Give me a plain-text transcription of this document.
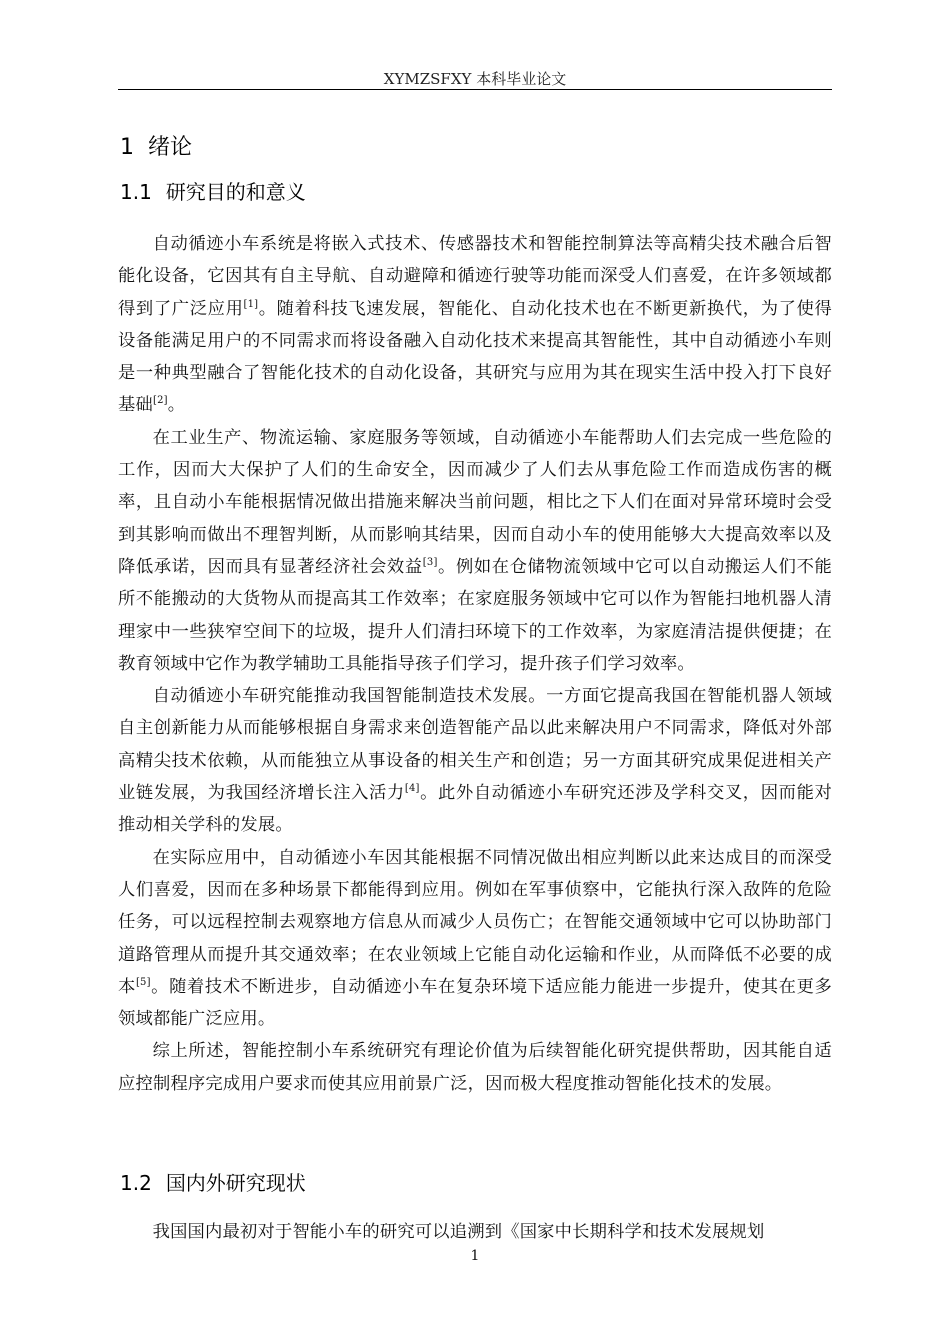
XYMZSFXY 本科毕业论文
1 绪论
1.1 研究目的和意义

自动循迹小车系统是将嵌入式技术、传感器技术和智能控制算法等高精尖技术融合后智能化设备，它因其有自主导航、自动避障和循迹行驶等功能而深受人们喜爱，在许多领域都得到了广泛应用[1]。随着科技飞速发展，智能化、自动化技术也在不断更新换代，为了使得设备能满足用户的不同需求而将设备融入自动化技术来提高其智能性，其中自动循迹小车则是一种典型融合了智能化技术的自动化设备，其研究与应用为其在现实生活中投入打下良好基础[2]。

在工业生产、物流运输、家庭服务等领域，自动循迹小车能帮助人们去完成一些危险的工作，因而大大保护了人们的生命安全，因而减少了人们去从事危险工作而造成伤害的概率，且自动小车能根据情况做出措施来解决当前问题，相比之下人们在面对异常环境时会受到其影响而做出不理智判断，从而影响其结果，因而自动小车的使用能够大大提高效率以及降低承诺，因而具有显著经济社会效益[3]。例如在仓储物流领域中它可以自动搬运人们不能所不能搬动的大货物从而提高其工作效率；在家庭服务领域中它可以作为智能扫地机器人清理家中一些狭窄空间下的垃圾，提升人们清扫环境下的工作效率，为家庭清洁提供便捷；在教育领域中它作为教学辅助工具能指导孩子们学习，提升孩子们学习效率。

自动循迹小车研究能推动我国智能制造技术发展。一方面它提高我国在智能机器人领域自主创新能力从而能够根据自身需求来创造智能产品以此来解决用户不同需求，降低对外部高精尖技术依赖，从而能独立从事设备的相关生产和创造；另一方面其研究成果促进相关产业链发展，为我国经济增长注入活力[4]。此外自动循迹小车研究还涉及学科交叉，因而能对推动相关学科的发展。

在实际应用中，自动循迹小车因其能根据不同情况做出相应判断以此来达成目的而深受人们喜爱，因而在多种场景下都能得到应用。例如在军事侦察中，它能执行深入敌阵的危险任务，可以远程控制去观察地方信息从而减少人员伤亡；在智能交通领域中它可以协助部门道路管理从而提升其交通效率；在农业领域上它能自动化运输和作业，从而降低不必要的成本[5]。随着技术不断进步，自动循迹小车在复杂环境下适应能力能进一步提升，使其在更多领域都能广泛应用。

综上所述，智能控制小车系统研究有理论价值为后续智能化研究提供帮助，因其能自适应控制程序完成用户要求而使其应用前景广泛，因而极大程度推动智能化技术的发展。

1.2 国内外研究现状

我国国内最初对于智能小车的研究可以追溯到《国家中长期科学和技术发展规划

1
